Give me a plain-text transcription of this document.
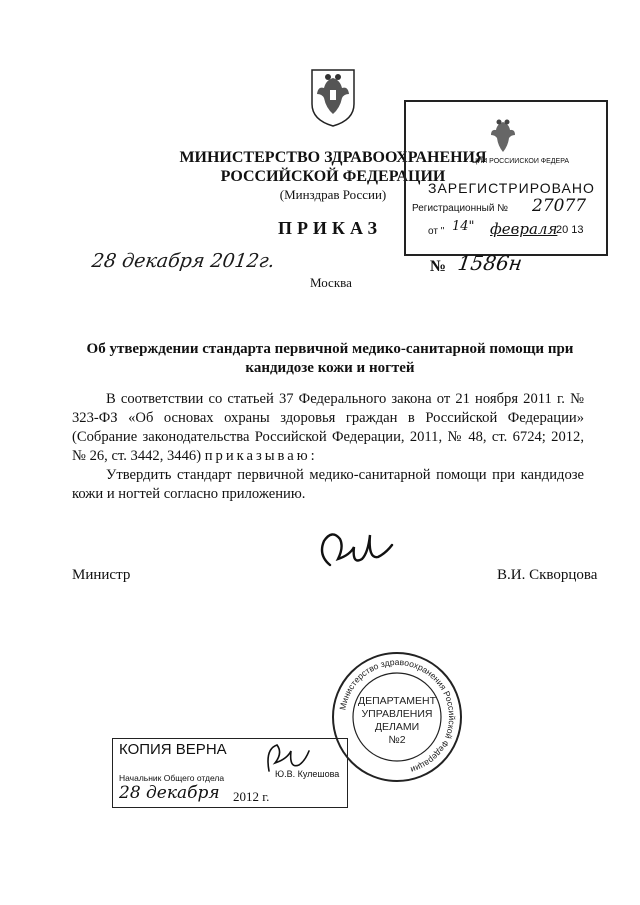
МИНИСТЕРСТВО ЗДРАВООХРАНЕНИЯ
РОССИЙСКОЙ ФЕДЕРАЦИИ
(Минздрав России)
ЦИИ РОССИЙСКОЙ ФЕДЕРА
ЗАРЕГИСТРИРОВАНО
Регистрационный № 27077
от " 14" февраля
20 13
ПРИКАЗ
28 декабря 2012г.
Москва
№ 1586н
Об утверждении стандарта первичной медико-санитарной помощи при
кандидозе кожи и ногтей

В соответствии со статьей 37 Федерального закона от 21 ноября 2011 г. № 323-ФЗ «Об основах охраны здоровья граждан в Российской Федерации» (Собрание законодательства Российской Федерации, 2011, № 48, ст. 6724; 2012, № 26, ст. 3442, 3446) приказываю:

Утвердить стандарт первичной медико-санитарной помощи при кандидозе кожи и ногтей согласно приложению.

Министр	В.И. Скворцова
Министерство здравоохранения Российской Федерации
ДЕПАРТАМЕНТ
УПРАВЛЕНИЯ
ДЕЛАМИ
№2
КОПИЯ ВЕРНА
Начальник Общего отдела	Ю.В. Кулешова
28 декабря 2012 г.
